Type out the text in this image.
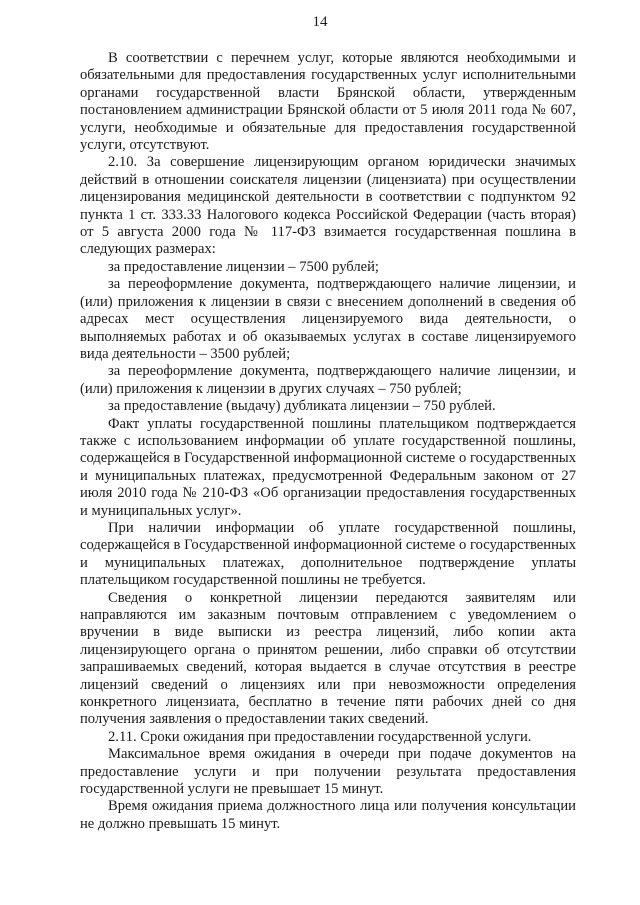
14

В соответствии с перечнем услуг, которые являются необходимыми и обязательными для предоставления государственных услуг исполнительными органами государственной власти Брянской области, утвержденным постановлением администрации Брянской области от 5 июля 2011 года № 607, услуги, необходимые и обязательные для предоставления государственной услуги, отсутствуют.

2.10. За совершение лицензирующим органом юридически значимых действий в отношении соискателя лицензии (лицензиата) при осуществлении лицензирования медицинской деятельности в соответствии с подпунктом 92 пункта 1 ст. 333.33 Налогового кодекса Российской Федерации (часть вторая) от 5 августа 2000 года № 117-ФЗ взимается государственная пошлина в следующих размерах:

за предоставление лицензии – 7500 рублей;

за переоформление документа, подтверждающего наличие лицензии, и (или) приложения к лицензии в связи с внесением дополнений в сведения об адресах мест осуществления лицензируемого вида деятельности, о выполняемых работах и об оказываемых услугах в составе лицензируемого вида деятельности – 3500 рублей;

за переоформление документа, подтверждающего наличие лицензии, и (или) приложения к лицензии в других случаях – 750 рублей;

за предоставление (выдачу) дубликата лицензии – 750 рублей.

Факт уплаты государственной пошлины плательщиком подтверждается также с использованием информации об уплате государственной пошлины, содержащейся в Государственной информационной системе о государственных и муниципальных платежах, предусмотренной Федеральным законом от 27 июля 2010 года № 210-ФЗ «Об организации предоставления государственных и муниципальных услуг».

При наличии информации об уплате государственной пошлины, содержащейся в Государственной информационной системе о государственных и муниципальных платежах, дополнительное подтверждение уплаты плательщиком государственной пошлины не требуется.

Сведения о конкретной лицензии передаются заявителям или направляются им заказным почтовым отправлением с уведомлением о вручении в виде выписки из реестра лицензий, либо копии акта лицензирующего органа о принятом решении, либо справки об отсутствии запрашиваемых сведений, которая выдается в случае отсутствия в реестре лицензий сведений о лицензиях или при невозможности определения конкретного лицензиата, бесплатно в течение пяти рабочих дней со дня получения заявления о предоставлении таких сведений.

2.11. Сроки ожидания при предоставлении государственной услуги.

Максимальное время ожидания в очереди при подаче документов на предоставление услуги и при получении результата предоставления государственной услуги не превышает 15 минут.

Время ожидания приема должностного лица или получения консультации не должно превышать 15 минут.
